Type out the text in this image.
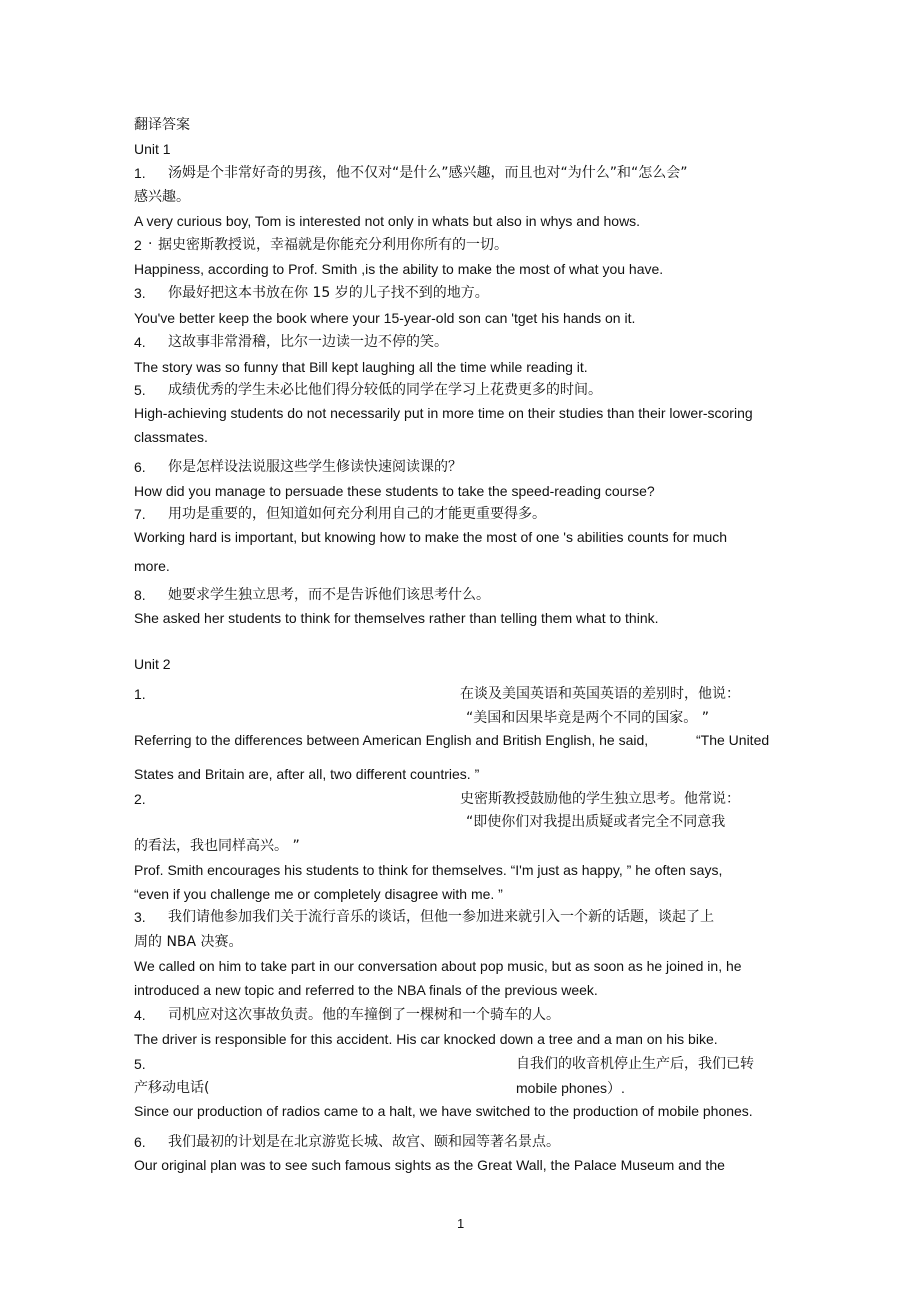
翻译答案
Unit 1
1. 汤姆是个非常好奇的男孩，他不仅对“是什么”感兴趣，而且也对“为什么”和“怎么会”
感兴趣。
A very curious boy, Tom is interested not only in whats but also in whys and hows.
2 · 据史密斯教授说，幸福就是你能充分利用你所有的一切。
Happiness, according to Prof. Smith ,is the ability to make the most of what you have.
3. 你最好把这本书放在你 15 岁的儿子找不到的地方。
You've better keep the book where your 15-year-old son can 'tget his hands on it.
4. 这故事非常滑稽，比尔一边读一边不停的笑。
The story was so funny that Bill kept laughing all the time while reading it.
5. 成绩优秀的学生未必比他们得分较低的同学在学习上花费更多的时间。
High-achieving students do not necessarily put in more time on their studies than their lower-scoring
classmates.
6. 你是怎样设法说服这些学生修读快速阅读课的？
How did you manage to persuade these students to take the speed-reading course?
7. 用功是重要的，但知道如何充分利用自己的才能更重要得多。
Working hard is important, but knowing how to make the most of one 's abilities counts for much
more.
8. 她要求学生独立思考，而不是告诉他们该思考什么。
She asked her students to think for themselves rather than telling them what to think.
Unit 2
1.	在谈及美国英语和英国英语的差别时，他说：
“美国和因果毕竟是两个不同的国家。 ”
Referring to the differences between American English and British English, he said,	“The United
States and Britain are, after all, two different countries. ”
2.	史密斯教授鼓励他的学生独立思考。他常说：
“即使你们对我提出质疑或者完全不同意我
的看法，我也同样高兴。 ”
Prof. Smith encourages his students to think for themselves. “I'm just as happy, ” he often says,
“even if you challenge me or completely disagree with me. ”
3. 我们请他参加我们关于流行音乐的谈话，但他一参加进来就引入一个新的话题，谈起了上
周的 NBA 决赛。
We called on him to take part in our conversation about pop music, but as soon as he joined in, he
introduced a new topic and referred to the NBA finals of the previous week.
4. 司机应对这次事故负责。他的车撞倒了一棵树和一个骑车的人。
The driver is responsible for this accident. His car knocked down a tree and a man on his bike.
5.	自我们的收音机停止生产后，我们已转
产移动电话(	mobile phones）.
Since our production of radios came to a halt, we have switched to the production of mobile phones.
6. 我们最初的计划是在北京游览长城、故宫、颐和园等著名景点。
Our original plan was to see such famous sights as the Great Wall, the Palace Museum and the
1
